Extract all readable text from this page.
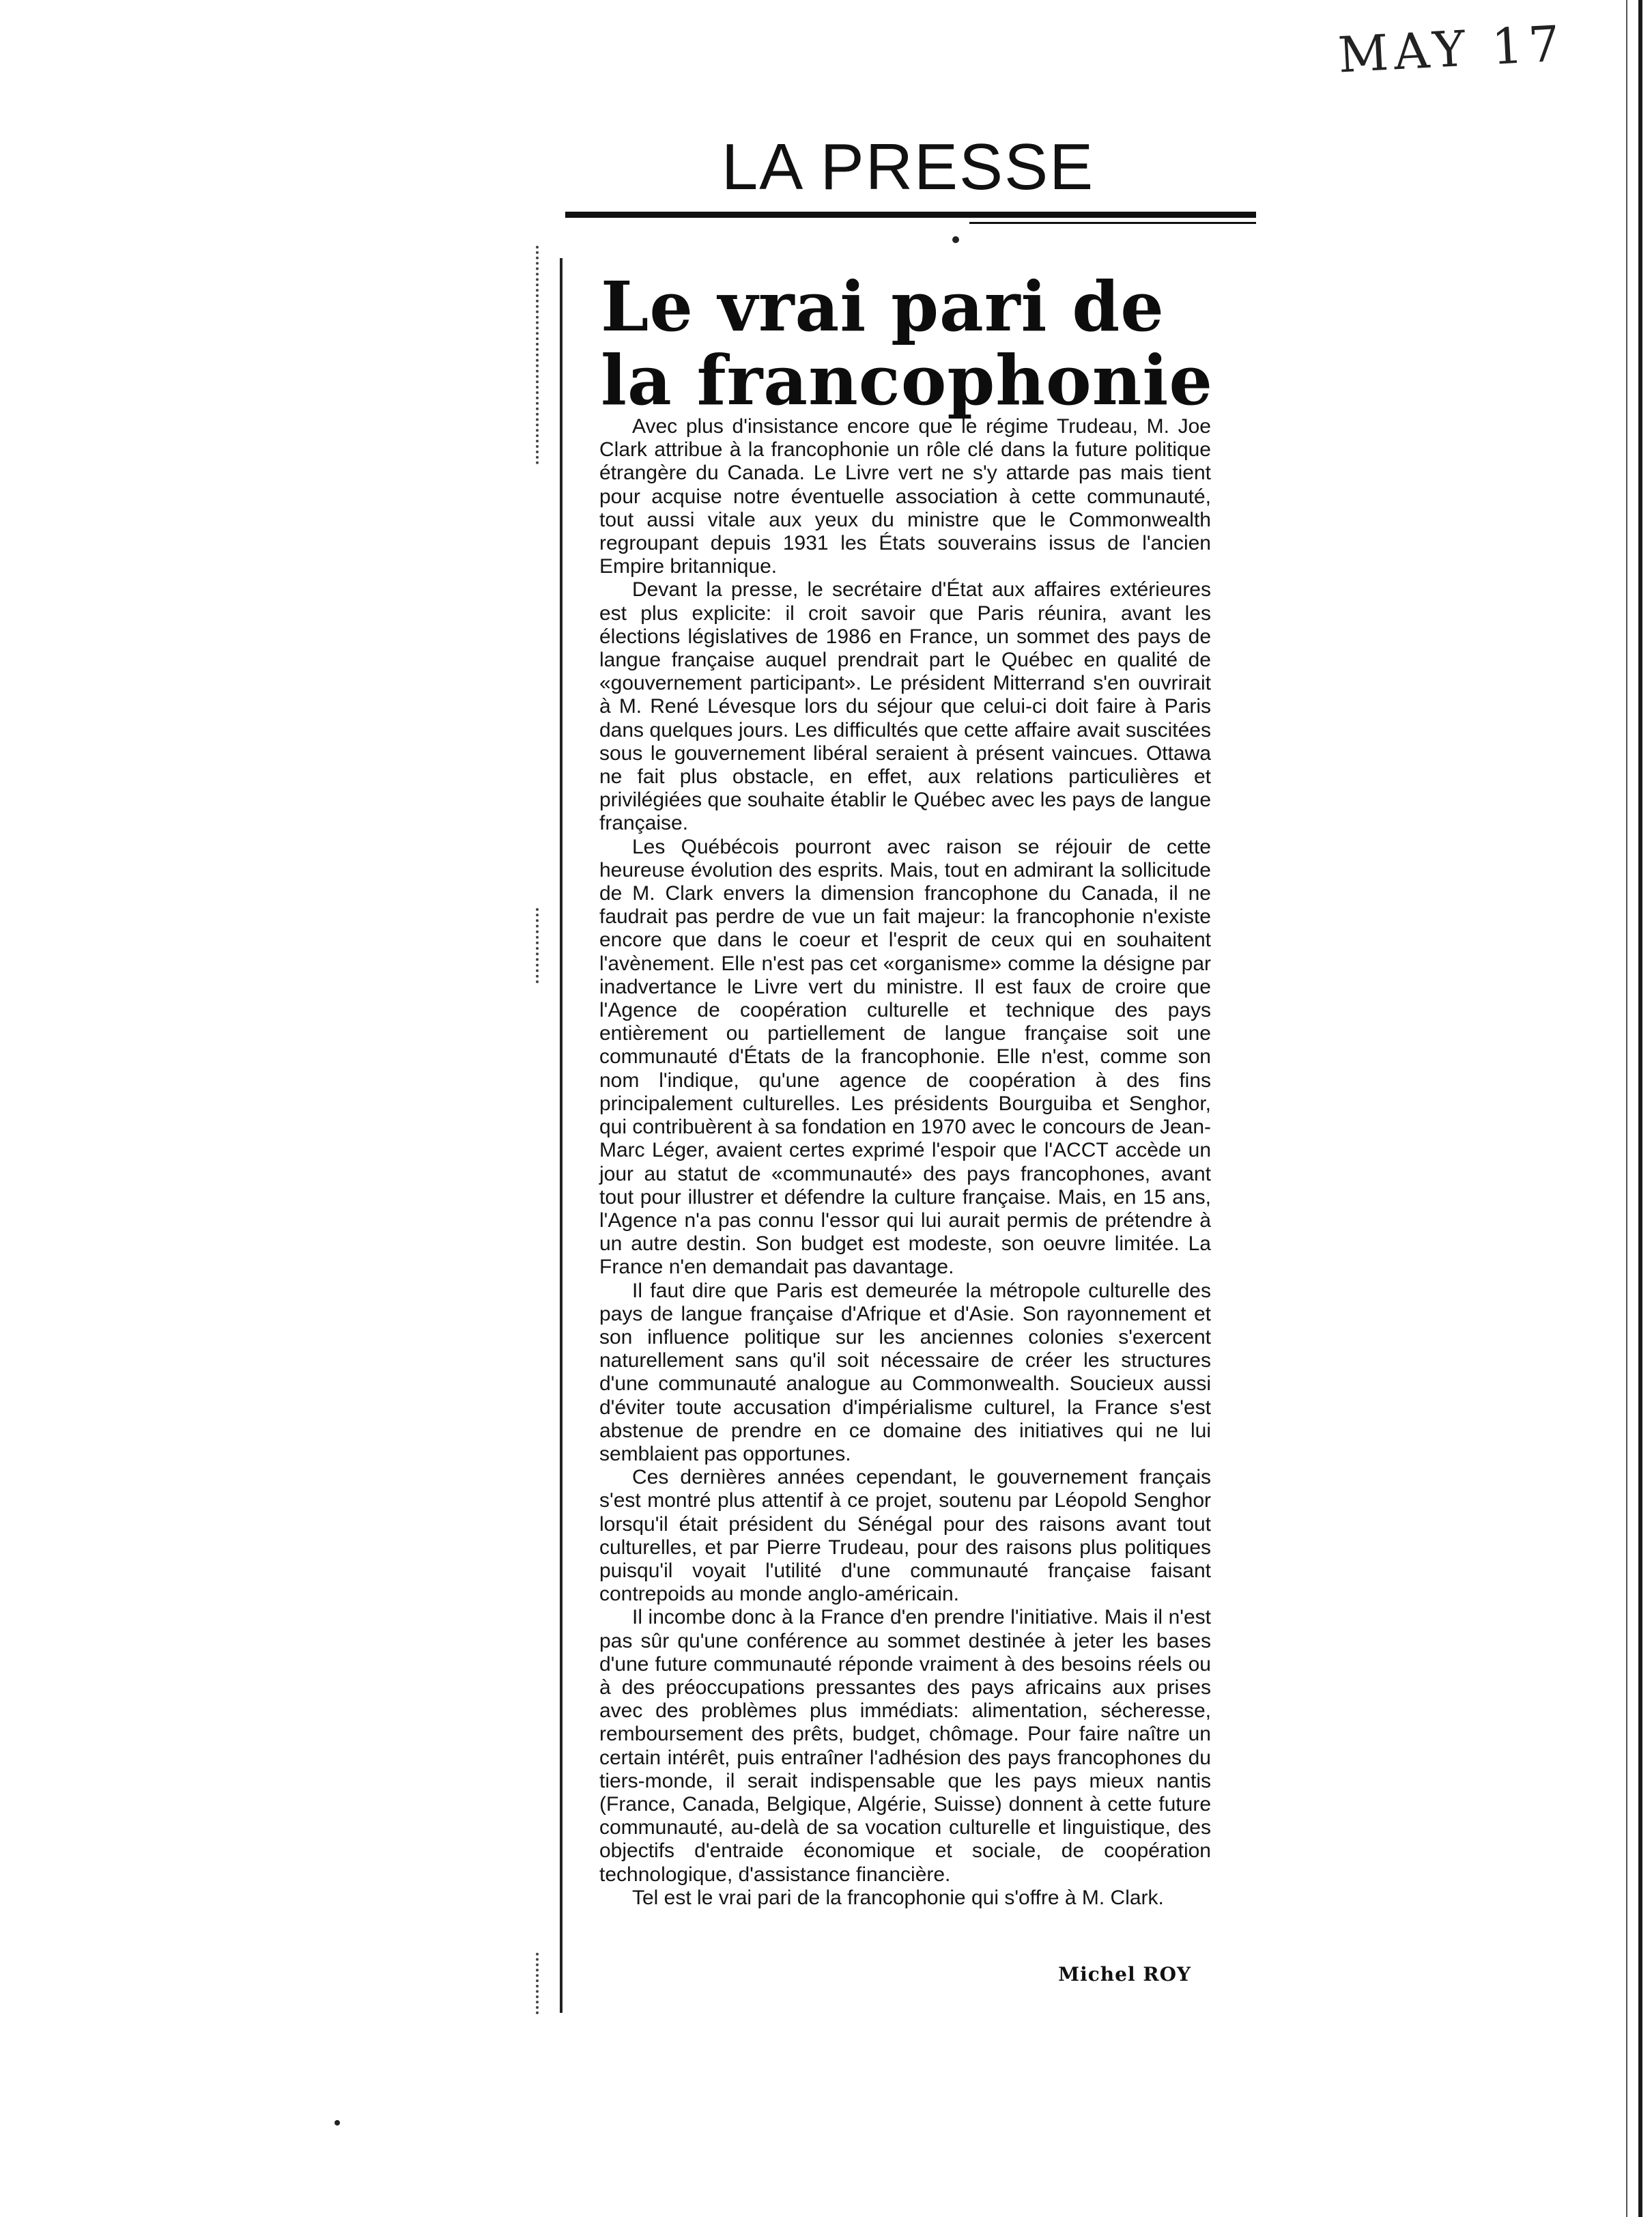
MAY 17
LA PRESSE
Le vrai pari de
la francophonie

Avec plus d'insistance encore que le régime Trudeau, M. Joe Clark attribue à la francophonie un rôle clé dans la future politique étrangère du Canada. Le Livre vert ne s'y attarde pas mais tient pour acquise notre éventuelle association à cette communauté, tout aussi vitale aux yeux du ministre que le Commonwealth regroupant depuis 1931 les États souverains issus de l'ancien Empire britannique.

Devant la presse, le secrétaire d'État aux affaires extérieures est plus explicite: il croit savoir que Paris réunira, avant les élections législatives de 1986 en France, un sommet des pays de langue française auquel prendrait part le Québec en qualité de «gouvernement participant». Le président Mitterrand s'en ouvrirait à M. René Lévesque lors du séjour que celui-ci doit faire à Paris dans quelques jours. Les difficultés que cette affaire avait suscitées sous le gouvernement libéral seraient à présent vaincues. Ottawa ne fait plus obstacle, en effet, aux relations particulières et privilégiées que souhaite établir le Québec avec les pays de langue française.

Les Québécois pourront avec raison se réjouir de cette heureuse évolution des esprits. Mais, tout en admirant la sollicitude de M. Clark envers la dimension francophone du Canada, il ne faudrait pas perdre de vue un fait majeur: la francophonie n'existe encore que dans le coeur et l'esprit de ceux qui en souhaitent l'avènement. Elle n'est pas cet «organisme» comme la désigne par inadvertance le Livre vert du ministre. Il est faux de croire que l'Agence de coopération culturelle et technique des pays entièrement ou partiellement de langue française soit une communauté d'États de la francophonie. Elle n'est, comme son nom l'indique, qu'une agence de coopération à des fins principalement culturelles. Les présidents Bourguiba et Senghor, qui contribuèrent à sa fondation en 1970 avec le concours de Jean-Marc Léger, avaient certes exprimé l'espoir que l'ACCT accède un jour au statut de «communauté» des pays francophones, avant tout pour illustrer et défendre la culture française. Mais, en 15 ans, l'Agence n'a pas connu l'essor qui lui aurait permis de prétendre à un autre destin. Son budget est modeste, son oeuvre limitée. La France n'en demandait pas davantage.

Il faut dire que Paris est demeurée la métropole culturelle des pays de langue française d'Afrique et d'Asie. Son rayonnement et son influence politique sur les anciennes colonies s'exercent naturellement sans qu'il soit nécessaire de créer les structures d'une communauté analogue au Commonwealth. Soucieux aussi d'éviter toute accusation d'impérialisme culturel, la France s'est abstenue de prendre en ce domaine des initiatives qui ne lui semblaient pas opportunes.

Ces dernières années cependant, le gouvernement français s'est montré plus attentif à ce projet, soutenu par Léopold Senghor lorsqu'il était président du Sénégal pour des raisons avant tout culturelles, et par Pierre Trudeau, pour des raisons plus politiques puisqu'il voyait l'utilité d'une communauté française faisant contrepoids au monde anglo-américain.

Il incombe donc à la France d'en prendre l'initiative. Mais il n'est pas sûr qu'une conférence au sommet destinée à jeter les bases d'une future communauté réponde vraiment à des besoins réels ou à des préoccupations pressantes des pays africains aux prises avec des problèmes plus immédiats: alimentation, sécheresse, remboursement des prêts, budget, chômage. Pour faire naître un certain intérêt, puis entraîner l'adhésion des pays francophones du tiers-monde, il serait indispensable que les pays mieux nantis (France, Canada, Belgique, Algérie, Suisse) donnent à cette future communauté, au-delà de sa vocation culturelle et linguistique, des objectifs d'entraide économique et sociale, de coopération technologique, d'assistance financière.

Tel est le vrai pari de la francophonie qui s'offre à M. Clark.

Michel ROY
